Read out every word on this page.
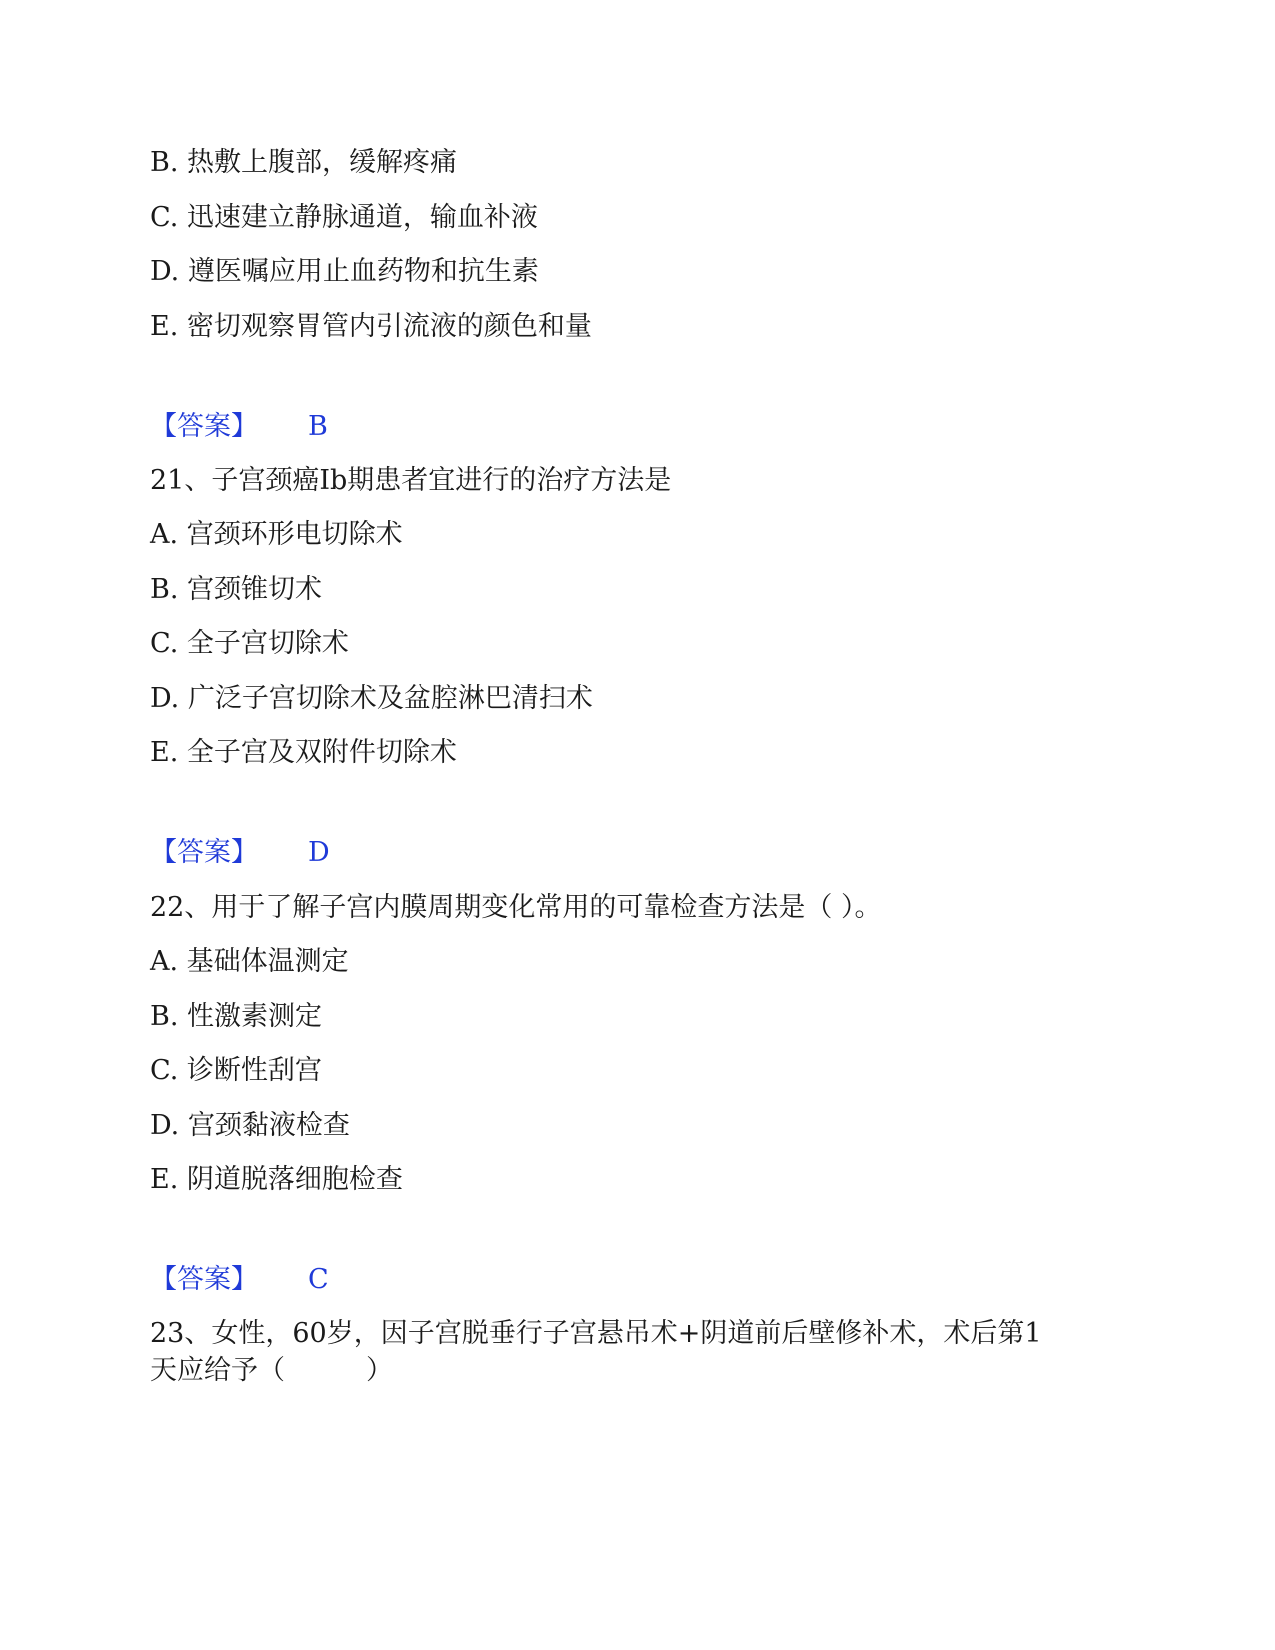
B. 热敷上腹部，缓解疼痛
C. 迅速建立静脉通道，输血补液
D. 遵医嘱应用止血药物和抗生素
E. 密切观察胃管内引流液的颜色和量
【答案】 B
21、子宫颈癌Ⅰb期患者宜进行的治疗方法是
A. 宫颈环形电切除术
B. 宫颈锥切术
C. 全子宫切除术
D. 广泛子宫切除术及盆腔淋巴清扫术
E. 全子宫及双附件切除术
【答案】 D
22、用于了解子宫内膜周期变化常用的可靠检查方法是（ ）。
A. 基础体温测定
B. 性激素测定
C. 诊断性刮宫
D. 宫颈黏液检查
E. 阴道脱落细胞检查
【答案】 C
23、女性，60岁，因子宫脱垂行子宫悬吊术+阴道前后壁修补术，术后第1
天应给予（　　　）
